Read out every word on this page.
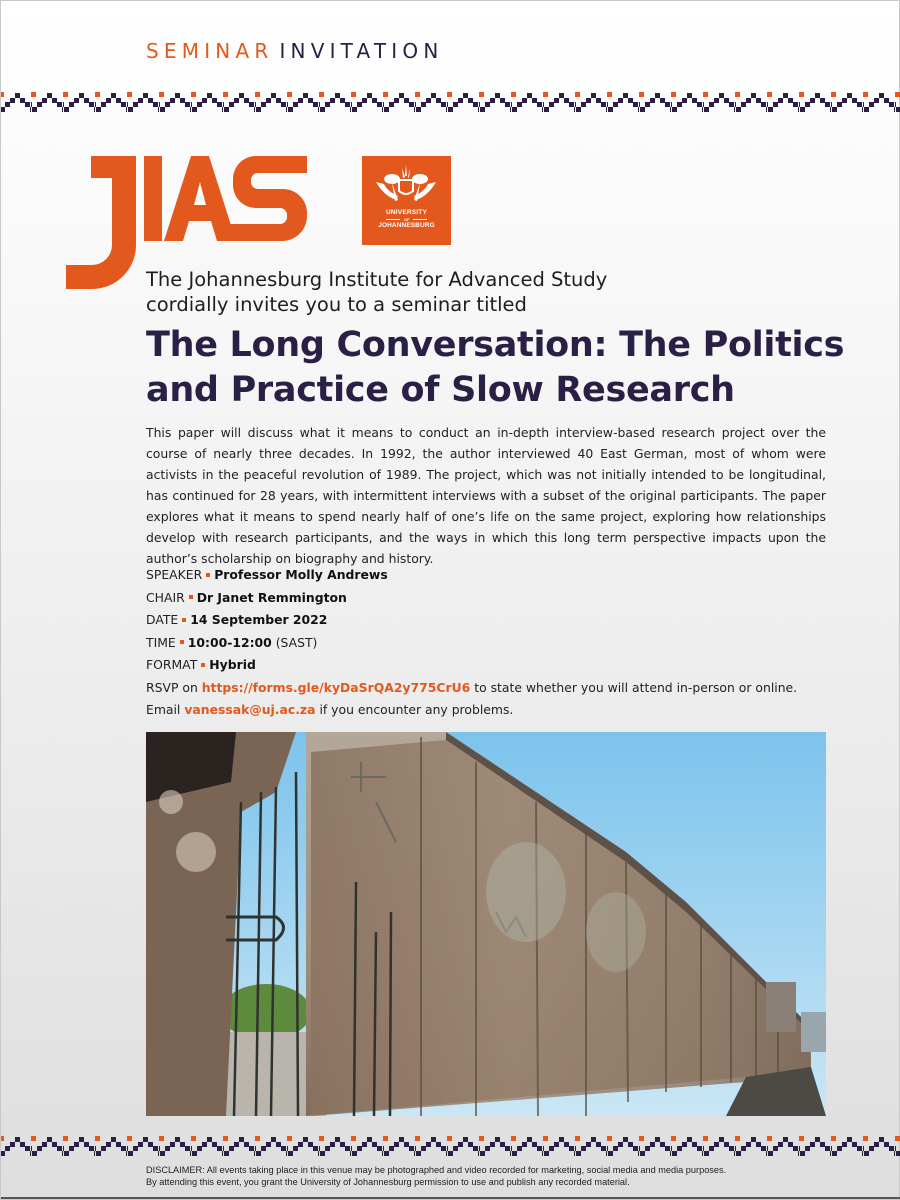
SEMINAR INVITATION
UNIVERSITY
OF
JOHANNESBURG
The Johannesburg Institute for Advanced Study
cordially invites you to a seminar titled
The Long Conversation: The Politics
and Practice of Slow Research
This paper will discuss what it means to conduct an in-depth interview-based research project over the course of nearly three decades. In 1992, the author interviewed 40 East German, most of whom were activists in the peaceful revolution of 1989. The project, which was not initially intended to be longitudinal, has continued for 28 years, with intermittent interviews with a subset of the original participants. The paper explores what it means to spend nearly half of one’s life on the same project, exploring how relationships develop with research participants, and the ways in which this long term perspective impacts upon the author’s scholarship on biography and history.
SPEAKER Professor Molly Andrews
CHAIR Dr Janet Remmington
DATE 14 September 2022
TIME 10:00-12:00 (SAST)
FORMAT Hybrid
RSVP on https://forms.gle/kyDaSrQA2y775CrU6 to state whether you will attend in-person or online.
Email vanessak@uj.ac.za if you encounter any problems.
DISCLAIMER: All events taking place in this venue may be photographed and video recorded for marketing, social media and media purposes.
By attending this event, you grant the University of Johannesburg permission to use and publish any recorded material.
